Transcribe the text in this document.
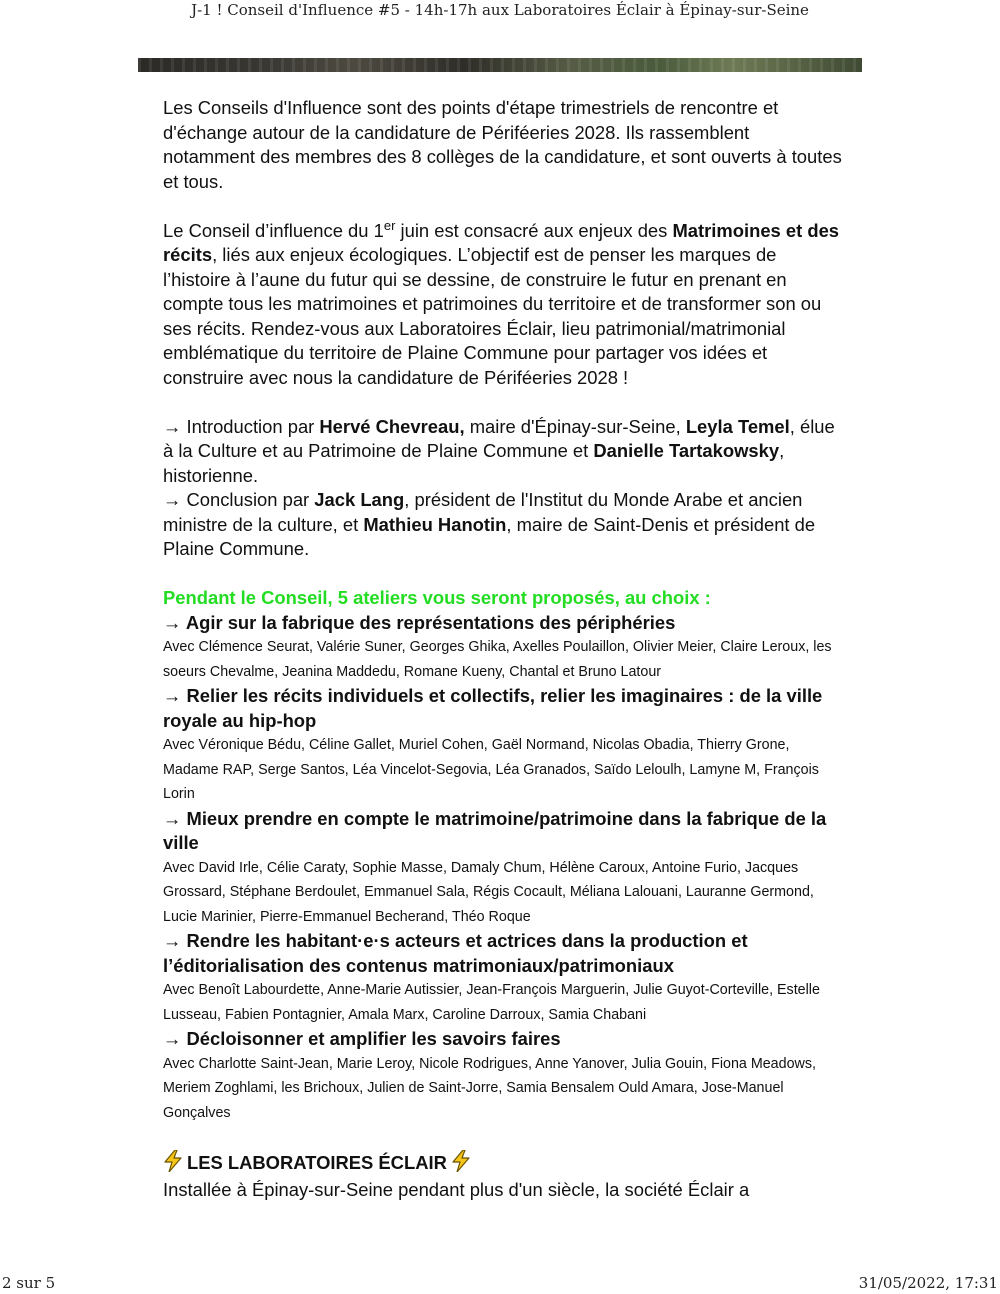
J-1 ! Conseil d'Influence #5 - 14h-17h aux Laboratoires Éclair à Épinay-sur-Seine

Les Conseils d'Influence sont des points d'étape trimestriels de rencontre et d'échange autour de la candidature de Périféeries 2028. Ils rassemblent notamment des membres des 8 collèges de la candidature, et sont ouverts à toutes et tous.

Le Conseil d’influence du 1er juin est consacré aux enjeux des Matrimoines et des récits, liés aux enjeux écologiques. L’objectif est de penser les marques de l’histoire à l’aune du futur qui se dessine, de construire le futur en prenant en compte tous les matrimoines et patrimoines du territoire et de transformer son ou ses récits. Rendez-vous aux Laboratoires Éclair, lieu patrimonial/matrimonial emblématique du territoire de Plaine Commune pour partager vos idées et construire avec nous la candidature de Périféeries 2028 !

→ Introduction par Hervé Chevreau, maire d'Épinay-sur-Seine, Leyla Temel, élue à la Culture et au Patrimoine de Plaine Commune et Danielle Tartakowsky, historienne.

→ Conclusion par Jack Lang, président de l'Institut du Monde Arabe et ancien ministre de la culture, et Mathieu Hanotin, maire de Saint-Denis et président de Plaine Commune.

Pendant le Conseil, 5 ateliers vous seront proposés, au choix :

→ Agir sur la fabrique des représentations des périphéries

Avec Clémence Seurat, Valérie Suner, Georges Ghika, Axelles Poulaillon, Olivier Meier, Claire Leroux, les soeurs Chevalme, Jeanina Maddedu, Romane Kueny, Chantal et Bruno Latour

→ Relier les récits individuels et collectifs, relier les imaginaires : de la ville royale au hip-hop

Avec Véronique Bédu, Céline Gallet, Muriel Cohen, Gaël Normand, Nicolas Obadia, Thierry Grone, Madame RAP, Serge Santos, Léa Vincelot-Segovia, Léa Granados, Saïdo Leloulh, Lamyne M, François Lorin

→ Mieux prendre en compte le matrimoine/patrimoine dans la fabrique de la ville

Avec David Irle, Célie Caraty, Sophie Masse, Damaly Chum, Hélène Caroux, Antoine Furio, Jacques Grossard, Stéphane Berdoulet, Emmanuel Sala, Régis Cocault, Méliana Lalouani, Lauranne Germond, Lucie Marinier, Pierre-Emmanuel Becherand, Théo Roque

→ Rendre les habitant·e·s acteurs et actrices dans la production et l’éditorialisation des contenus matrimoniaux/patrimoniaux

Avec Benoît Labourdette, Anne-Marie Autissier, Jean-François Marguerin, Julie Guyot-Corteville, Estelle Lusseau, Fabien Pontagnier, Amala Marx, Caroline Darroux, Samia Chabani

→ Décloisonner et amplifier les savoirs faires

Avec Charlotte Saint-Jean, Marie Leroy, Nicole Rodrigues, Anne Yanover, Julia Gouin, Fiona Meadows, Meriem Zoghlami, les Brichoux, Julien de Saint-Jorre, Samia Bensalem Ould Amara, Jose-Manuel Gonçalves

LES LABORATOIRES ÉCLAIR

Installée à Épinay-sur-Seine pendant plus d'un siècle, la société Éclair a

2 sur 5	31/05/2022, 17:31
